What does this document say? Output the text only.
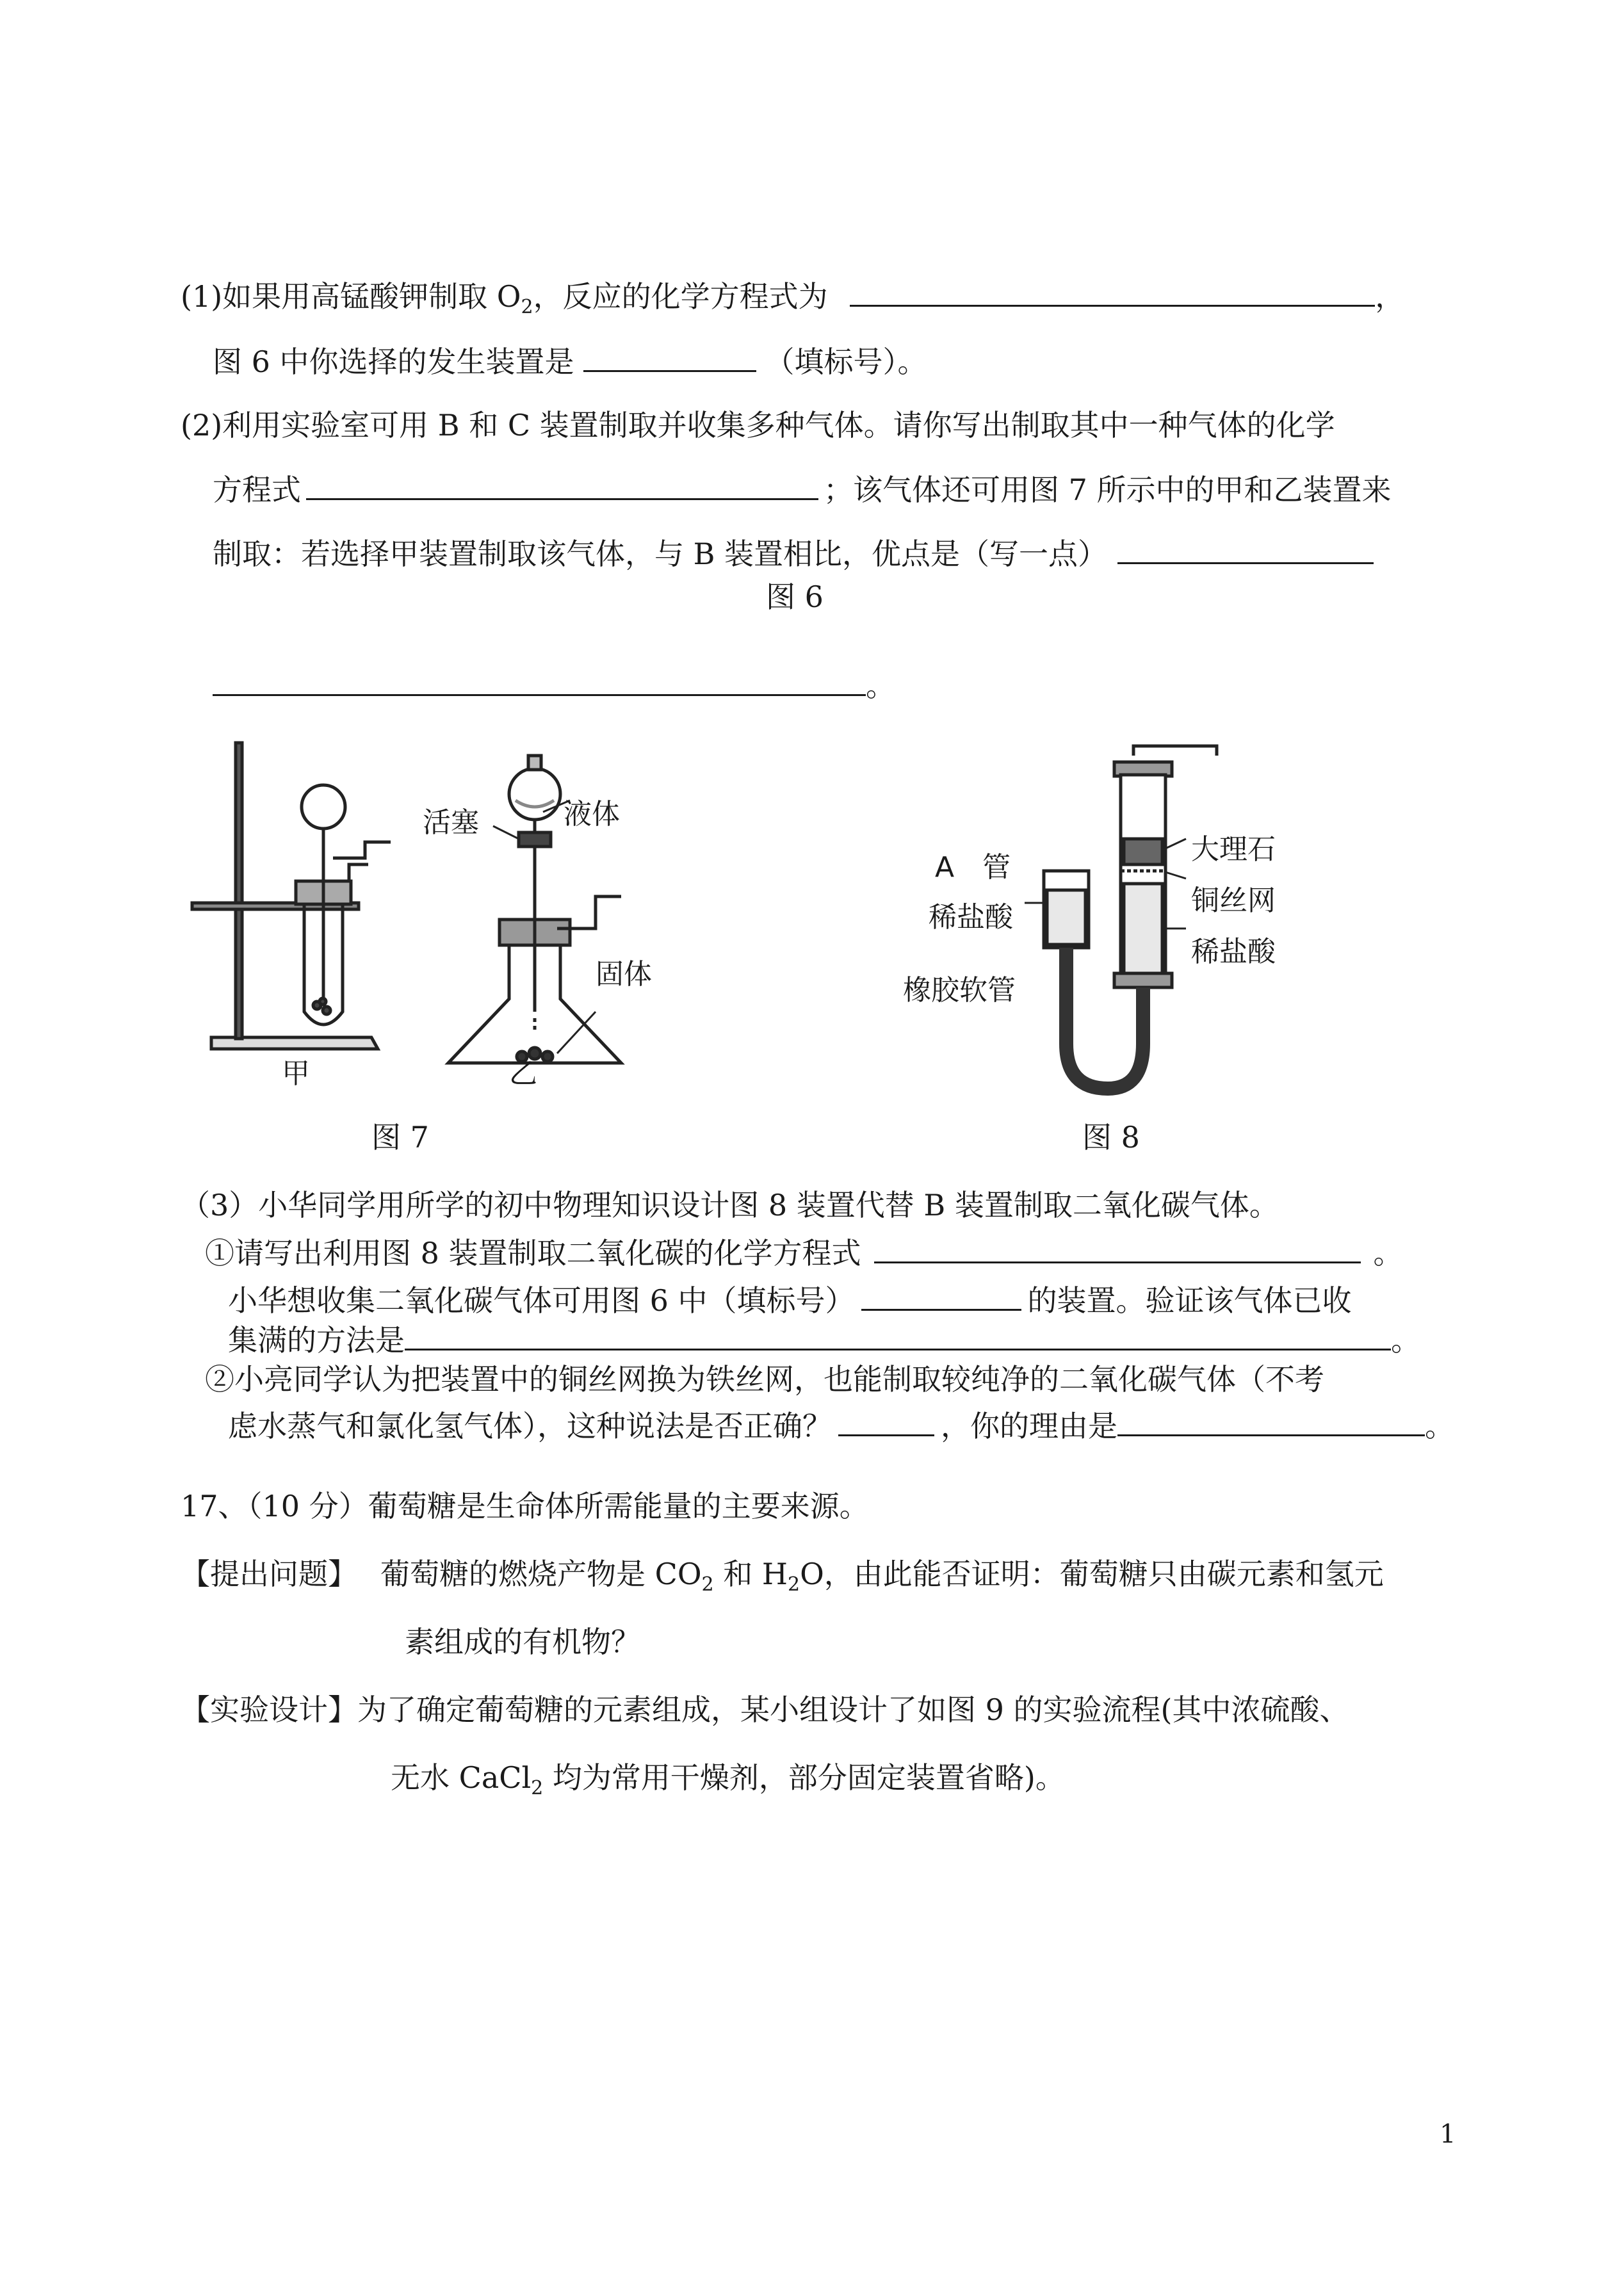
(1)如果用高锰酸钾制取 $O_2$，反应的化学方程式为	，
图 6 中你选择的发生装置是	（填标号）。
(2)利用实验室可用 B 和 C 装置制取并收集多种气体。请你写出制取其中一种气体的化学
方程式	；该气体还可用图 7 所示中的甲和乙装置来
制取：若选择甲装置制取该气体，与 B 装置相比，优点是（写一点）
图 6
。
液体
活塞
固体
甲	乙
图 7
A　管
稀盐酸
橡胶软管
大理石
铜丝网
稀盐酸
图 8
（3）小华同学用所学的初中物理知识设计图 8 装置代替 B 装置制取二氧化碳气体。
①请写出利用图 8 装置制取二氧化碳的化学方程式	。
小华想收集二氧化碳气体可用图 6 中（填标号）	的装置。验证该气体已收
集满的方法是	。
②小亮同学认为把装置中的铜丝网换为铁丝网，也能制取较纯净的二氧化碳气体（不考
虑水蒸气和氯化氢气体），这种说法是否正确？	，你的理由是	。
17、（10 分）葡萄糖是生命体所需能量的主要来源。
【提出问题】 葡萄糖的燃烧产物是 $CO_2$ 和 $H_2O$，由此能否证明：葡萄糖只由碳元素和氢元
素组成的有机物？
【实验设计】为了确定葡萄糖的元素组成，某小组设计了如图 9 的实验流程(其中浓硫酸、
无水 CaCl$_2$ 均为常用干燥剂，部分固定装置省略)。
1
